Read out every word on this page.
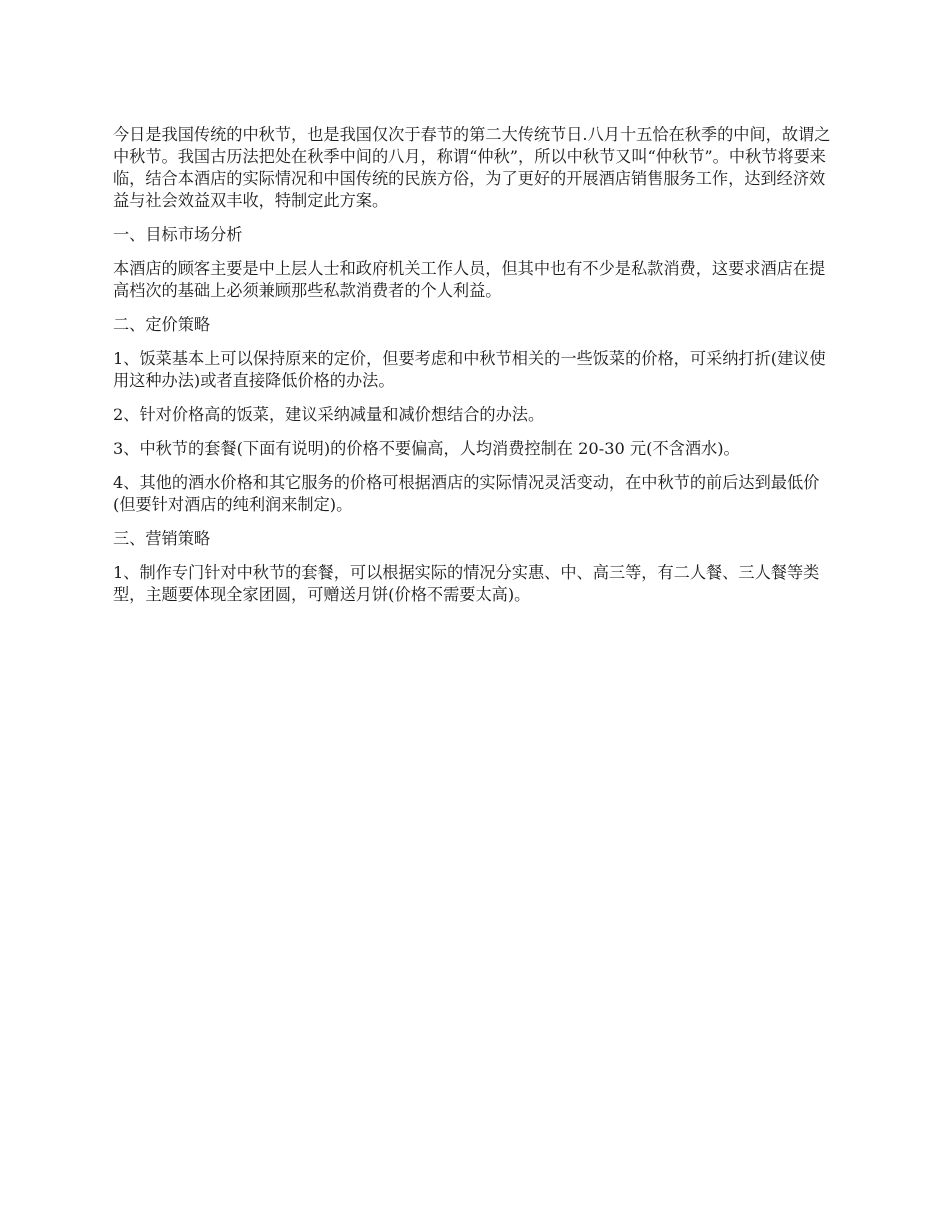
今日是我国传统的中秋节，也是我国仅次于春节的第二大传统节日.八月十五恰在秋季的中间，故谓之中秋节。我国古历法把处在秋季中间的八月，称谓“仲秋”，所以中秋节又叫“仲秋节”。中秋节将要来临，结合本酒店的实际情况和中国传统的民族方俗，为了更好的开展酒店销售服务工作，达到经济效益与社会效益双丰收，特制定此方案。

一、目标市场分析

本酒店的顾客主要是中上层人士和政府机关工作人员，但其中也有不少是私款消费，这要求酒店在提高档次的基础上必须兼顾那些私款消费者的个人利益。

二、定价策略

1、饭菜基本上可以保持原来的定价，但要考虑和中秋节相关的一些饭菜的价格，可采纳打折(建议使用这种办法)或者直接降低价格的办法。

2、针对价格高的饭菜，建议采纳减量和减价想结合的办法。

3、中秋节的套餐(下面有说明)的价格不要偏高，人均消费控制在 20-30 元(不含酒水)。

4、其他的酒水价格和其它服务的价格可根据酒店的实际情况灵活变动，在中秋节的前后达到最低价(但要针对酒店的纯利润来制定)。

三、营销策略

1、制作专门针对中秋节的套餐，可以根据实际的情况分实惠、中、高三等，有二人餐、三人餐等类型，主题要体现全家团圆，可赠送月饼(价格不需要太高)。
